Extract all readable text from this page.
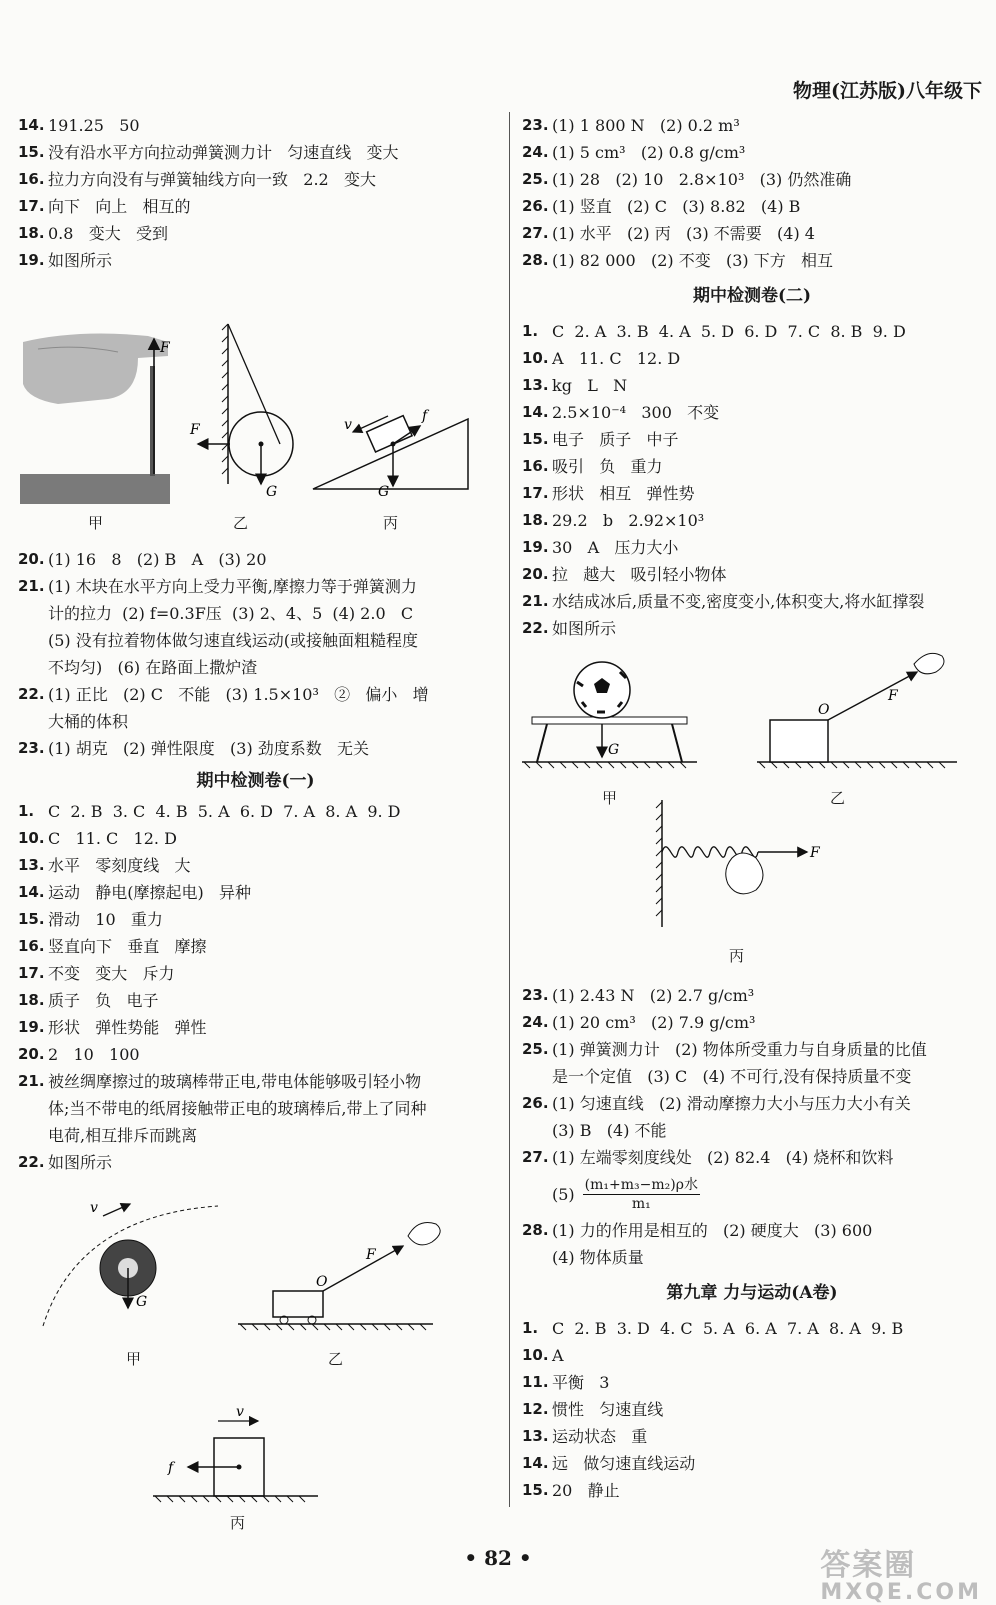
物理(江苏版)八年级下
14. 191.25   50
15. 没有沿水平方向拉动弹簧测力计   匀速直线   变大
16. 拉力方向没有与弹簧轴线方向一致   2.2   变大
17. 向下   向上   相互的
18. 0.8   变大   受到
19. 如图所示
F
G
F	v
f
G
甲	乙	丙
20. (1) 16   8   (2) B   A   (3) 20
21. (1) 木块在水平方向上受力平衡,摩擦力等于弹簧测力
计的拉力  (2) f=0.3F压  (3) 2、4、5  (4) 2.0   C
(5) 没有拉着物体做匀速直线运动(或接触面粗糙程度
不均匀)   (6) 在路面上撒炉渣
22. (1) 正比   (2) C   不能   (3) 1.5×10³   ②   偏小   增
大桶的体积
23. (1) 胡克   (2) 弹性限度   (3) 劲度系数   无关
期中检测卷(一)
1. C  2. B  3. C  4. B  5. A  6. D  7. A  8. A  9. D
10. C   11. C   12. D
13. 水平   零刻度线   大
14. 运动   静电(摩擦起电)   异种
15. 滑动   10   重力
16. 竖直向下   垂直   摩擦
17. 不变   变大   斥力
18. 质子   负   电子
19. 形状   弹性势能   弹性
20. 2   10   100
21. 被丝绸摩擦过的玻璃棒带正电,带电体能够吸引轻小物
体;当不带电的纸屑接触带正电的玻璃棒后,带上了同种
电荷,相互排斥而跳离
22. 如图所示
v
G
O
F
v
f
甲	乙
丙
23. (1) 1 800 N   (2) 0.2 m³
24. (1) 5 cm³   (2) 0.8 g/cm³
25. (1) 28   (2) 10   2.8×10³   (3) 仍然准确
26. (1) 竖直   (2) C   (3) 8.82   (4) B
27. (1) 水平   (2) 丙   (3) 不需要   (4) 4
28. (1) 82 000   (2) 不变   (3) 下方   相互
期中检测卷(二)
1. C  2. A  3. B  4. A  5. D  6. D  7. C  8. B  9. D
10. A   11. C   12. D
13. kg   L   N
14. 2.5×10⁻⁴   300   不变
15. 电子   质子   中子
16. 吸引   负   重力
17. 形状   相互   弹性势
18. 29.2   b   2.92×10³
19. 30   A   压力大小
20. 拉   越大   吸引轻小物体
21. 水结成冰后,质量不变,密度变小,体积变大,将水缸撑裂
22. 如图所示
G
O
F
F
甲	乙
丙
23. (1) 2.43 N   (2) 2.7 g/cm³
24. (1) 20 cm³   (2) 7.9 g/cm³
25. (1) 弹簧测力计   (2) 物体所受重力与自身质量的比值
是一个定值   (3) C   (4) 不可行,没有保持质量不变
26. (1) 匀速直线   (2) 滑动摩擦力大小与压力大小有关
(3) B   (4) 不能
27. (1) 左端零刻度线处   (2) 82.4   (4) 烧杯和饮料
(5) (m₁+m₃−m₂)ρ水
m₁
28. (1) 力的作用是相互的   (2) 硬度大   (3) 600
(4) 物体质量
第九章 力与运动(A卷)
1. C  2. B  3. D  4. C  5. A  6. A  7. A  8. A  9. B
10. A
11. 平衡   3
12. 惯性   匀速直线
13. 运动状态   重
14. 远   做匀速直线运动
15. 20   静止
• 82 •	答案圈
MXQE.COM
